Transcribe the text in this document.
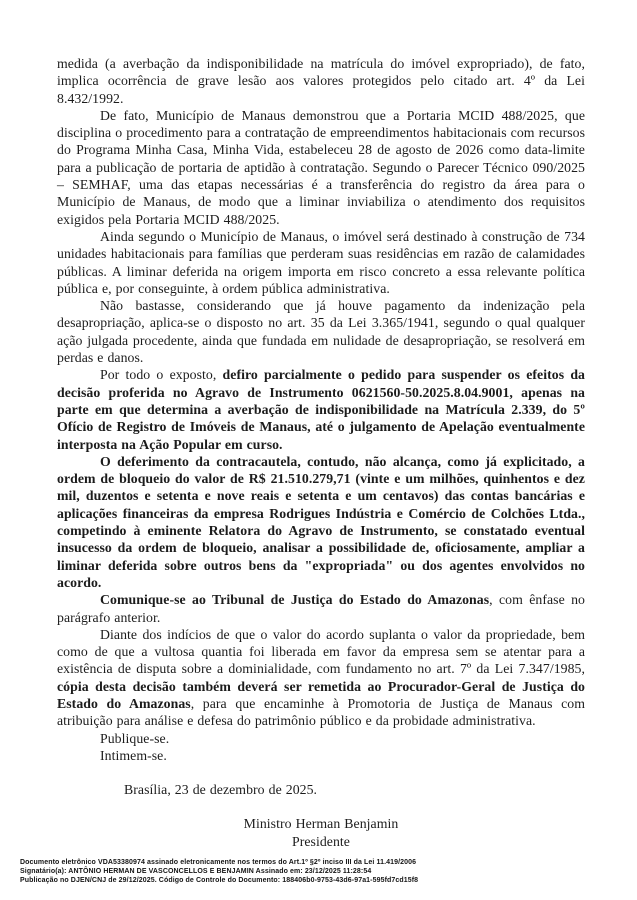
medida (a averbação da indisponibilidade na matrícula do imóvel expropriado), de fato, implica ocorrência de grave lesão aos valores protegidos pelo citado art. 4º da Lei 8.432/1992.

De fato, Município de Manaus demonstrou que a Portaria MCID 488/2025, que disciplina o procedimento para a contratação de empreendimentos habitacionais com recursos do Programa Minha Casa, Minha Vida, estabeleceu 28 de agosto de 2026 como data-limite para a publicação de portaria de aptidão à contratação. Segundo o Parecer Técnico 090/2025 – SEMHAF, uma das etapas necessárias é a transferência do registro da área para o Município de Manaus, de modo que a liminar inviabiliza o atendimento dos requisitos exigidos pela Portaria MCID 488/2025.

Ainda segundo o Município de Manaus, o imóvel será destinado à construção de 734 unidades habitacionais para famílias que perderam suas residências em razão de calamidades públicas. A liminar deferida na origem importa em risco concreto a essa relevante política pública e, por conseguinte, à ordem pública administrativa.

Não bastasse, considerando que já houve pagamento da indenização pela desapropriação, aplica-se o disposto no art. 35 da Lei 3.365/1941, segundo o qual qualquer ação julgada procedente, ainda que fundada em nulidade de desapropriação, se resolverá em perdas e danos.

Por todo o exposto, defiro parcialmente o pedido para suspender os efeitos da decisão proferida no Agravo de Instrumento 0621560-50.2025.8.04.9001, apenas na parte em que determina a averbação de indisponibilidade na Matrícula 2.339, do 5º Ofício de Registro de Imóveis de Manaus, até o julgamento de Apelação eventualmente interposta na Ação Popular em curso.

O deferimento da contracautela, contudo, não alcança, como já explicitado, a ordem de bloqueio do valor de R$ 21.510.279,71 (vinte e um milhões, quinhentos e dez mil, duzentos e setenta e nove reais e setenta e um centavos) das contas bancárias e aplicações financeiras da empresa Rodrigues Indústria e Comércio de Colchões Ltda., competindo à eminente Relatora do Agravo de Instrumento, se constatado eventual insucesso da ordem de bloqueio, analisar a possibilidade de, oficiosamente, ampliar a liminar deferida sobre outros bens da "expropriada" ou dos agentes envolvidos no acordo.

Comunique-se ao Tribunal de Justiça do Estado do Amazonas, com ênfase no parágrafo anterior.

Diante dos indícios de que o valor do acordo suplanta o valor da propriedade, bem como de que a vultosa quantia foi liberada em favor da empresa sem se atentar para a existência de disputa sobre a dominialidade, com fundamento no art. 7º da Lei 7.347/1985, cópia desta decisão também deverá ser remetida ao Procurador-Geral de Justiça do Estado do Amazonas, para que encaminhe à Promotoria de Justiça de Manaus com atribuição para análise e defesa do patrimônio público e da probidade administrativa.

Publique-se.

Intimem-se.

Brasília, 23 de dezembro de 2025.

Ministro Herman Benjamin
Presidente
Documento eletrônico VDA53380974 assinado eletronicamente nos termos do Art.1º §2º inciso III da Lei 11.419/2006
Signatário(a): ANTÔNIO HERMAN DE VASCONCELLOS E BENJAMIN Assinado em: 23/12/2025 11:28:54
Publicação no DJEN/CNJ de 29/12/2025. Código de Controle do Documento: 188406b0-9753-43d6-97a1-595fd7cd15f8
